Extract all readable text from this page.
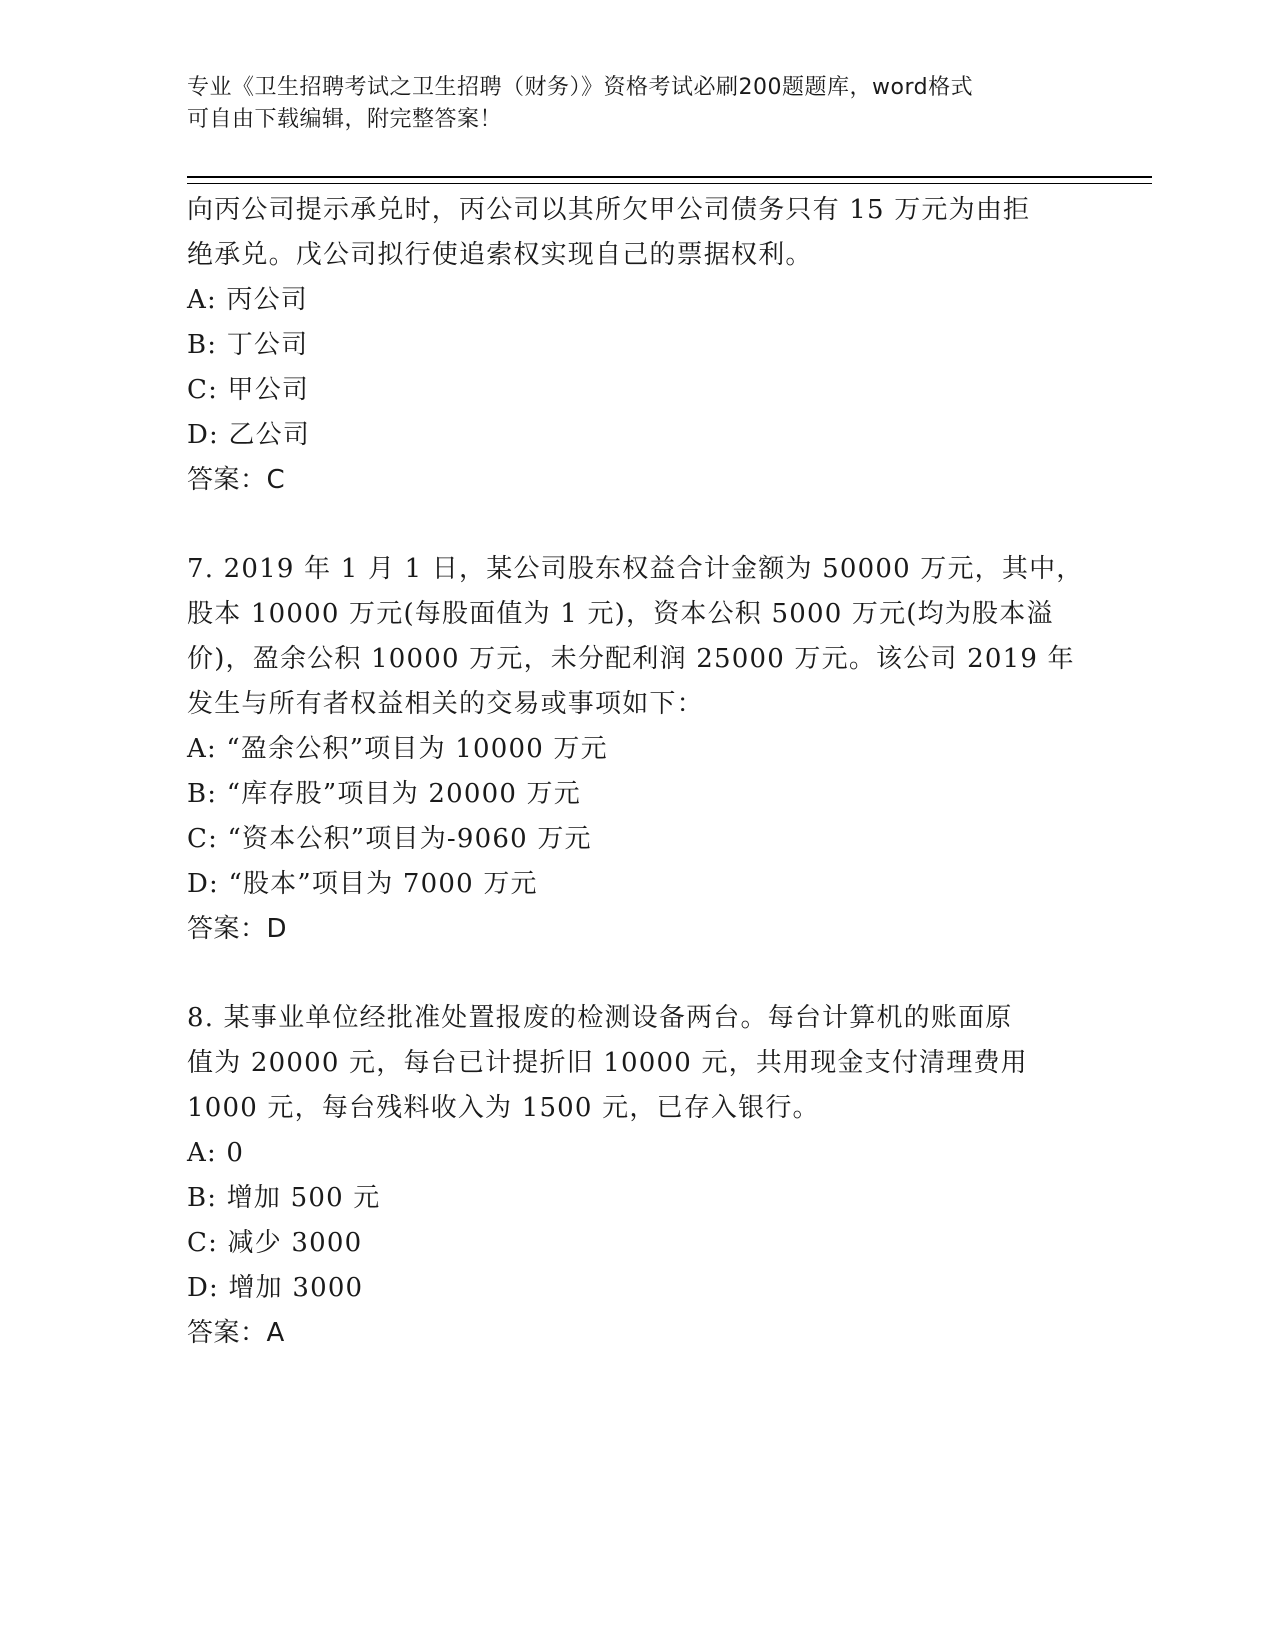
专业《卫生招聘考试之卫生招聘（财务）》资格考试必刷200题题库，word格式
可自由下载编辑，附完整答案！
向丙公司提示承兑时，丙公司以其所欠甲公司债务只有 15 万元为由拒
绝承兑。戊公司拟行使追索权实现自己的票据权利。
A: 丙公司
B: 丁公司
C: 甲公司
D: 乙公司
答案：C
7. 2019 年 1 月 1 日，某公司股东权益合计金额为 50000 万元，其中，
股本 10000 万元(每股面值为 1 元)，资本公积 5000 万元(均为股本溢
价)，盈余公积 10000 万元，未分配利润 25000 万元。该公司 2019 年
发生与所有者权益相关的交易或事项如下：
A: “盈余公积”项目为 10000 万元
B: “库存股”项目为 20000 万元
C: “资本公积”项目为-9060 万元
D: “股本”项目为 7000 万元
答案：D
8. 某事业单位经批准处置报废的检测设备两台。每台计算机的账面原
值为 20000 元，每台已计提折旧 10000 元，共用现金支付清理费用
1000 元，每台残料收入为 1500 元，已存入银行。
A: 0
B: 增加 500 元
C: 减少 3000
D: 增加 3000
答案：A
